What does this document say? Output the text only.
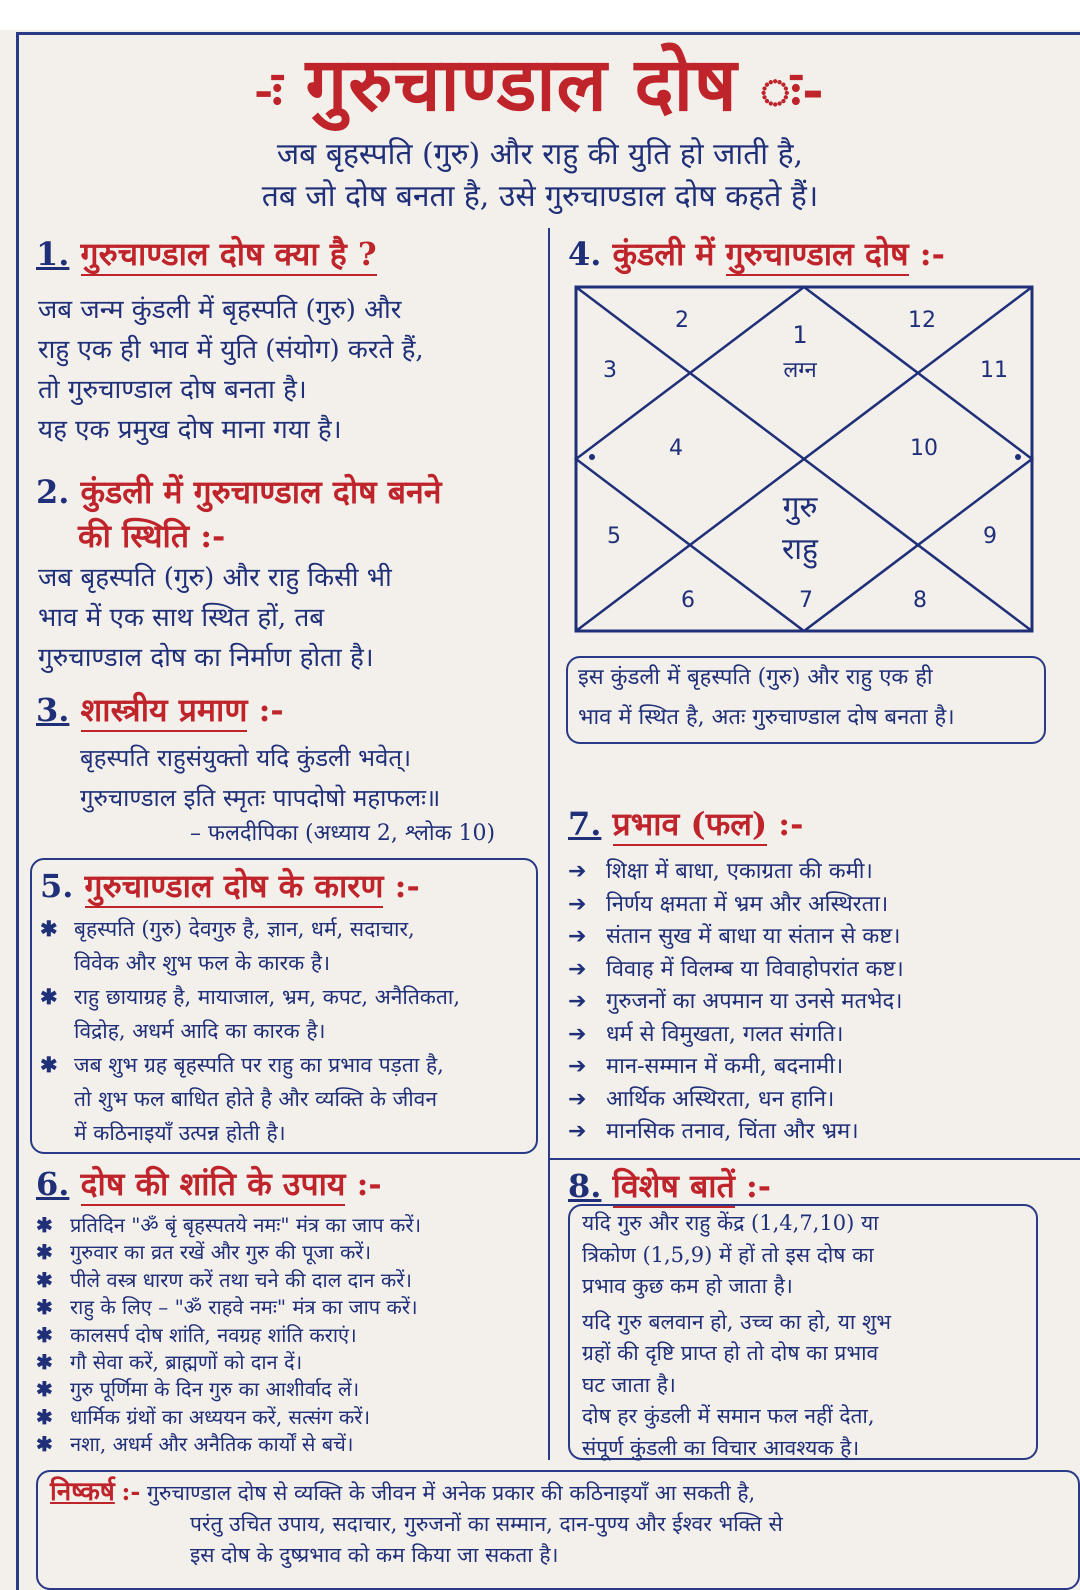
-ः गुरुचाण्डाल दोष ः-
जब बृहस्पति (गुरु) और राहु की युति हो जाती है,
तब जो दोष बनता है, उसे गुरुचाण्डाल दोष कहते हैं।
1. गुरुचाण्डाल दोष क्या है ?

जब जन्म कुंडली में बृहस्पति (गुरु) और

राहु एक ही भाव में युति (संयोग) करते हैं,

तो गुरुचाण्डाल दोष बनता है।

यह एक प्रमुख दोष माना गया है।

2. कुंडली में गुरुचाण्डाल दोष बनने
की स्थिति :-

जब बृहस्पति (गुरु) और राहु किसी भी

भाव में एक साथ स्थित हों, तब

गुरुचाण्डाल दोष का निर्माण होता है।

3. शास्त्रीय प्रमाण :-

बृहस्पति राहुसंयुक्तो यदि कुंडली भवेत्।

गुरुचाण्डाल इति स्मृतः पापदोषो महाफलः॥

– फलदीपिका (अध्याय 2, श्लोक 10)
4. कुंडली में गुरुचाण्डाल दोष :-
1
लग्न
2
3
4
5
6	7	8
9
10
11
12
गुरु
राहु
इस कुंडली में बृहस्पति (गुरु) और राहु एक ही
भाव में स्थित है, अतः गुरुचाण्डाल दोष बनता है।
5. गुरुचाण्डाल दोष के कारण :-
✱ बृहस्पति (गुरु) देवगुरु है, ज्ञान, धर्म, सदाचार,
विवेक और शुभ फल के कारक है।
✱ राहु छायाग्रह है, मायाजाल, भ्रम, कपट, अनैतिकता,
विद्रोह, अधर्म आदि का कारक है।
✱ जब शुभ ग्रह बृहस्पति पर राहु का प्रभाव पड़ता है,
तो शुभ फल बाधित होते है और व्यक्ति के जीवन
में कठिनाइयाँ उत्पन्न होती है।
7. प्रभाव (फल) :-
➔ शिक्षा में बाधा, एकाग्रता की कमी।
➔ निर्णय क्षमता में भ्रम और अस्थिरता।
➔ संतान सुख में बाधा या संतान से कष्ट।
➔ विवाह में विलम्ब या विवाहोपरांत कष्ट।
➔ गुरुजनों का अपमान या उनसे मतभेद।
➔ धर्म से विमुखता, गलत संगति।
➔ मान-सम्मान में कमी, बदनामी।
➔ आर्थिक अस्थिरता, धन हानि।
➔ मानसिक तनाव, चिंता और भ्रम।
6. दोष की शांति के उपाय :-
✱ प्रतिदिन "ॐ बृं बृहस्पतये नमः" मंत्र का जाप करें।
✱ गुरुवार का व्रत रखें और गुरु की पूजा करें।
✱ पीले वस्त्र धारण करें तथा चने की दाल दान करें।
✱ राहु के लिए – "ॐ राहवे नमः" मंत्र का जाप करें।
✱ कालसर्प दोष शांति, नवग्रह शांति कराएं।
✱ गौ सेवा करें, ब्राह्मणों को दान दें।
✱ गुरु पूर्णिमा के दिन गुरु का आशीर्वाद लें।
✱ धार्मिक ग्रंथों का अध्ययन करें, सत्संग करें।
✱ नशा, अधर्म और अनैतिक कार्यों से बचें।
8. विशेष बातें :-
यदि गुरु और राहु केंद्र (1,4,7,10) या
त्रिकोण (1,5,9) में हों तो इस दोष का
प्रभाव कुछ कम हो जाता है।
यदि गुरु बलवान हो, उच्च का हो, या शुभ
ग्रहों की दृष्टि प्राप्त हो तो दोष का प्रभाव
घट जाता है।
दोष हर कुंडली में समान फल नहीं देता,
संपूर्ण कुंडली का विचार आवश्यक है।
निष्कर्ष :- गुरुचाण्डाल दोष से व्यक्ति के जीवन में अनेक प्रकार की कठिनाइयाँ आ सकती है,
परंतु उचित उपाय, सदाचार, गुरुजनों का सम्मान, दान-पुण्य और ईश्वर भक्ति से
इस दोष के दुष्प्रभाव को कम किया जा सकता है।
